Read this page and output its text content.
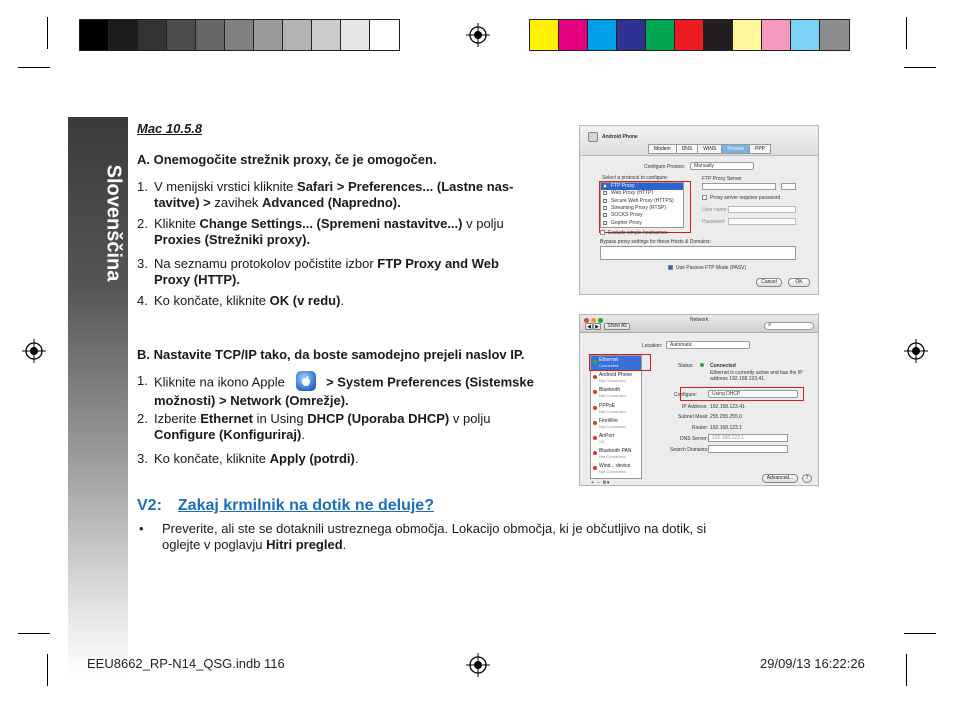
Slovenščina
Mac 10.5.8
A. Onemogočite strežnik proxy, če je omogočen.
1. V menijski vrstici kliknite Safari > Preferences... (Lastne nas-
tavitve) > zavihek Advanced (Napredno).
2. Kliknite Change Settings... (Spremeni nastavitve...) v polju
Proxies (Strežniki proxy).
3. Na seznamu protokolov počistite izbor FTP Proxy and Web
Proxy (HTTP).
4. Ko končate, kliknite OK (v redu).
B. Nastavite TCP/IP tako, da boste samodejno prejeli naslov IP.
1. Kliknite na ikono Apple	> System Preferences (Sistemske
možnosti) > Network (Omrežje).
2. Izberite Ethernet in Using DHCP (Uporaba DHCP) v polju
Configure (Konfiguriraj).
3. Ko končate, kliknite Apply (potrdi).
V2: Zakaj krmilnik na dotik ne deluje?
• Preverite, ali ste se dotaknili ustreznega območja. Lokacijo območja, ki je občutljivo na dotik, si
oglejte v poglavju Hitri pregled.
EEU8662_RP-N14_QSG.indb 116	29/09/13 16:22:26
Android Phone
Modem	DNS	WINS	Proxies	PPP
Configure Proxies: Manually
Select a protocol to configure:	FTP Proxy Server
Proxy server requires password
User name:
Password:
Exclude simple hostnames
Bypass proxy settings for these Hosts & Domains:
Use Passive FTP Mode (PASV)
Cancel	OK
FTP Proxy
Web Proxy (HTTP)
Secure Web Proxy (HTTPS)
Streaming Proxy (RTSP)
SOCKS Proxy
Gopher Proxy
Network
◀ ▶	Show All	⌕
Location: Automatic
+  −  ⚙▾
Status:	Connected
Ethernet is currently active and has the IP
address 192.168.123.41.
Configure:	Using DHCP
IP Address: 192.168.123.41
Subnet Mask: 255.255.255.0
Router: 192.168.123.1
DNS Server: 192.168.123.1
Search Domains:
Advanced...	?
Ethernet
Connected
Android Phone
Not Connected
Bluetooth
Not Connected
PPPoE
Not Connected
FireWire
Not Connected
AirPort
Off
Bluetooth PAN
Not Connected
Wind... device
Not Connected
